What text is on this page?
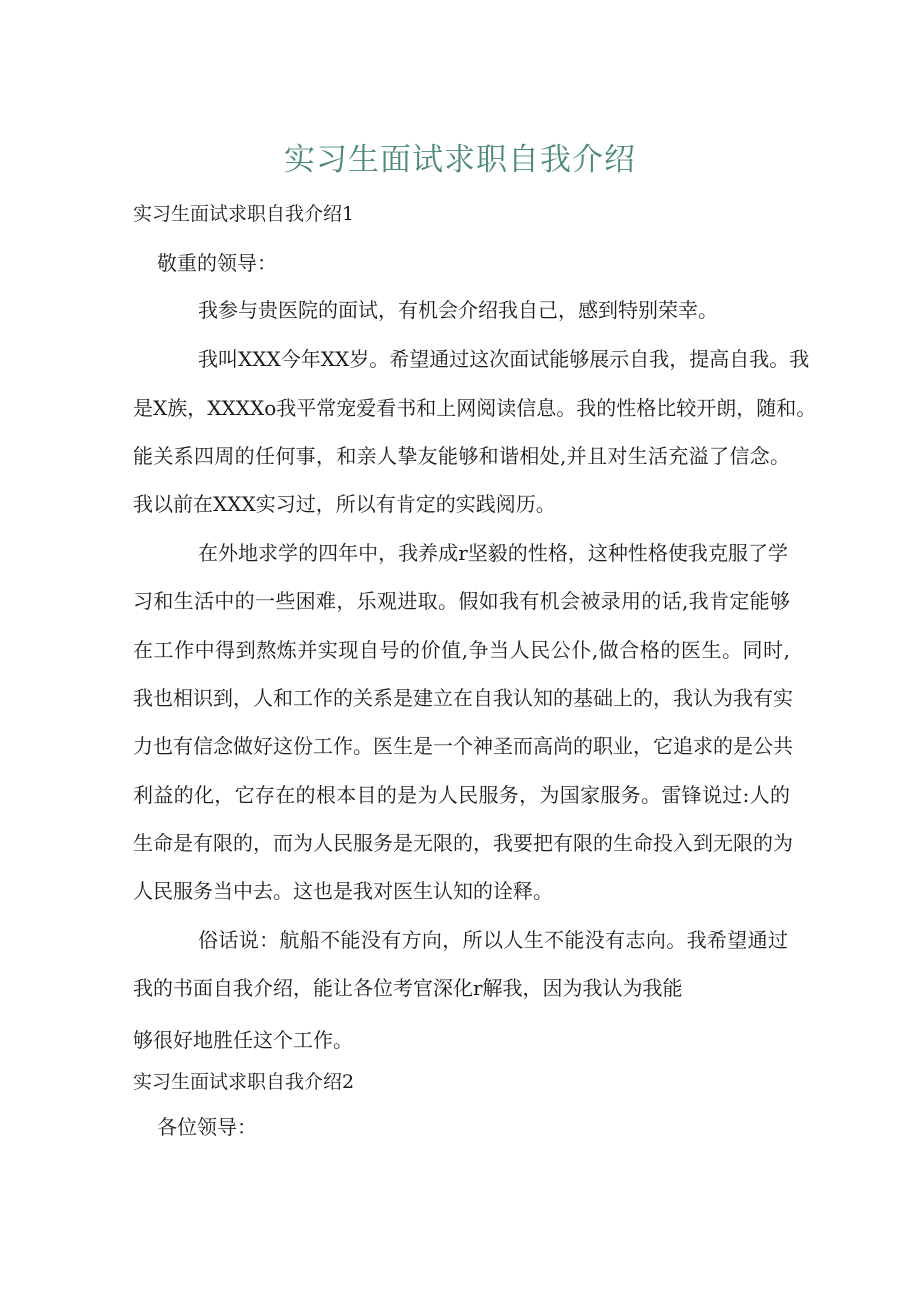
实习生面试求职自我介绍

实习生面试求职自我介绍1

敬重的领导：

我参与贵医院的面试，有机会介绍我自己，感到特别荣幸。

我叫XXX今年XX岁。希望通过这次面试能够展示自我，提高自我。我

是X族，XXXXo我平常宠爱看书和上网阅读信息。我的性格比较开朗，随和。

能关系四周的任何事，和亲人挚友能够和谐相处,并且对生活充溢了信念。

我以前在XXX实习过，所以有肯定的实践阅历。

在外地求学的四年中，我养成r坚毅的性格，这种性格使我克服了学

习和生活中的一些困难，乐观进取。假如我有机会被录用的话,我肯定能够

在工作中得到熬炼并实现自号的价值,争当人民公仆,做合格的医生。同时,

我也相识到，人和工作的关系是建立在自我认知的基础上的，我认为我有实

力也有信念做好这份工作。医生是一个神圣而高尚的职业，它追求的是公共

利益的化，它存在的根本目的是为人民服务，为国家服务。雷锋说过:人的

生命是有限的，而为人民服务是无限的，我要把有限的生命投入到无限的为

人民服务当中去。这也是我对医生认知的诠释。

俗话说：航船不能没有方向，所以人生不能没有志向。我希望通过

我的书面自我介绍，能让各位考官深化r解我，因为我认为我能

够很好地胜任这个工作。

实习生面试求职自我介绍2

各位领导：
